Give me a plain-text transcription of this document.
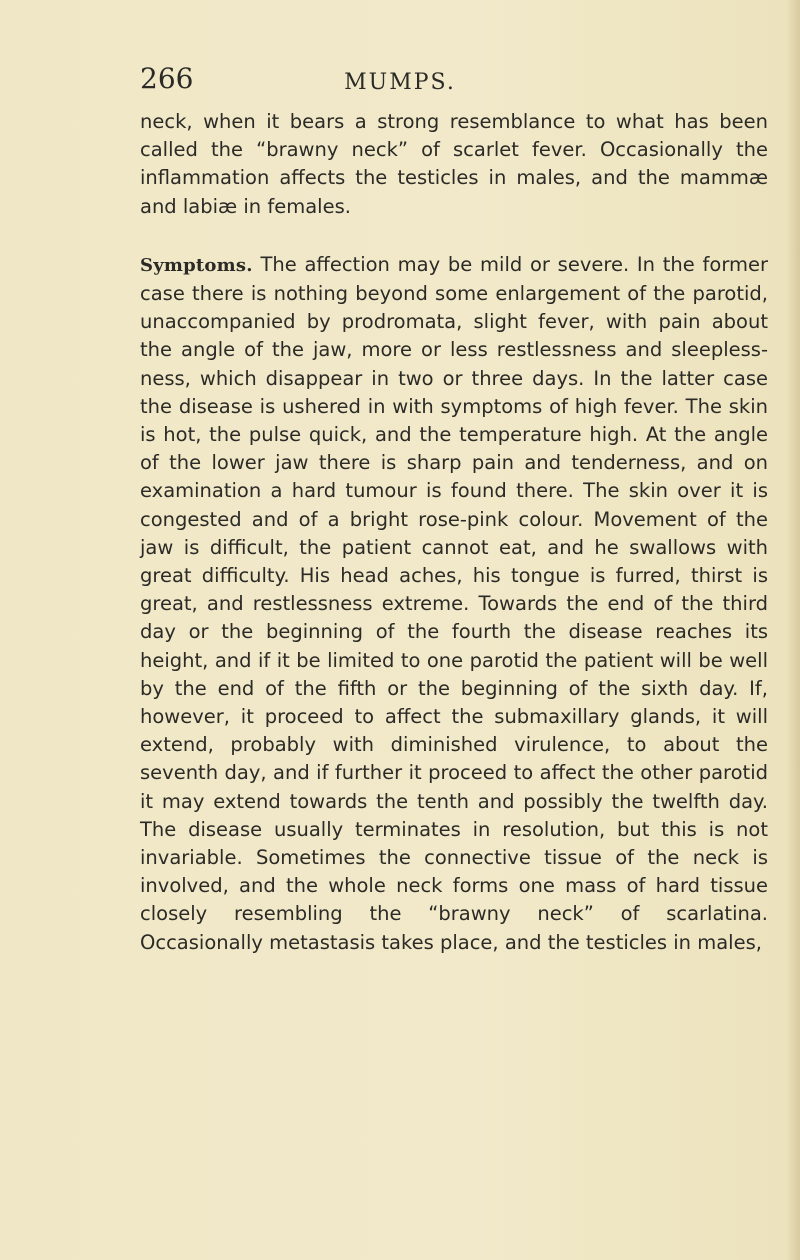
266	MUMPS.

neck, when it bears a strong resemblance to what has been called the “brawny neck” of scarlet fever. Occasionally the inflammation affects the testicles in males, and the mammæ and labiæ in females.

Symptoms. The affection may be mild or severe. In the former case there is nothing beyond some enlargement of the parotid, unaccompanied by prodromata, slight fever, with pain about the angle of the jaw, more or less restlessness and sleeplessness, which disappear in two or three days. In the latter case the disease is ushered in with symptoms of high fever. The skin is hot, the pulse quick, and the temperature high. At the angle of the lower jaw there is sharp pain and tenderness, and on examination a hard tumour is found there. The skin over it is congested and of a bright rose-pink colour. Movement of the jaw is difficult, the patient cannot eat, and he swallows with great difficulty. His head aches, his tongue is furred, thirst is great, and restlessness extreme. Towards the end of the third day or the beginning of the fourth the disease reaches its height, and if it be limited to one parotid the patient will be well by the end of the fifth or the beginning of the sixth day. If, however, it proceed to affect the submaxillary glands, it will extend, probably with diminished virulence, to about the seventh day, and if further it proceed to affect the other parotid it may extend towards the tenth and possibly the twelfth day. The disease usually terminates in resolution, but this is not invariable. Sometimes the connective tissue of the neck is involved, and the whole neck forms one mass of hard tissue closely resembling the “brawny neck” of scarlatina. Occasionally metastasis takes place, and the testicles in males,
